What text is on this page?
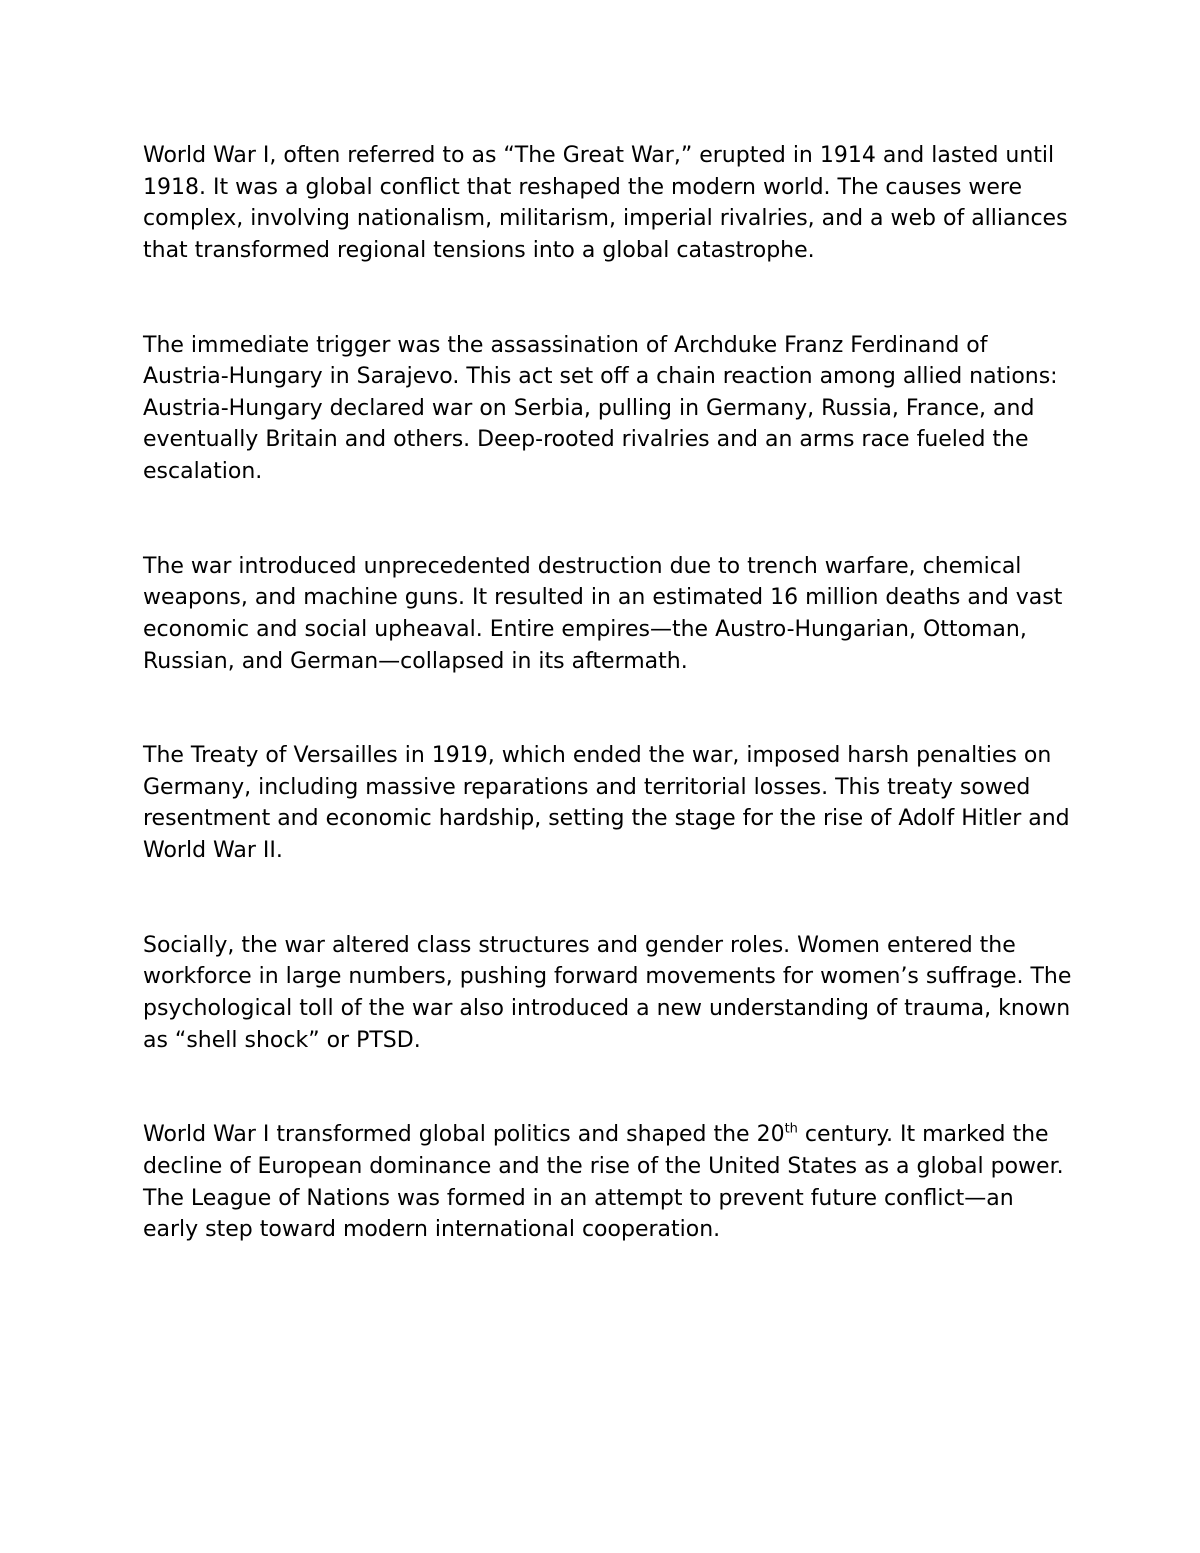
World War I, often referred to as “The Great War,” erupted in 1914 and lasted until 1918. It was a global conflict that reshaped the modern world. The causes were complex, involving nationalism, militarism, imperial rivalries, and a web of alliances that transformed regional tensions into a global catastrophe.

The immediate trigger was the assassination of Archduke Franz Ferdinand of Austria-Hungary in Sarajevo. This act set off a chain reaction among allied nations: Austria-Hungary declared war on Serbia, pulling in Germany, Russia, France, and eventually Britain and others. Deep-rooted rivalries and an arms race fueled the escalation.

The war introduced unprecedented destruction due to trench warfare, chemical weapons, and machine guns. It resulted in an estimated 16 million deaths and vast economic and social upheaval. Entire empires—the Austro-Hungarian, Ottoman, Russian, and German—collapsed in its aftermath.

The Treaty of Versailles in 1919, which ended the war, imposed harsh penalties on Germany, including massive reparations and territorial losses. This treaty sowed resentment and economic hardship, setting the stage for the rise of Adolf Hitler and World War II.

Socially, the war altered class structures and gender roles. Women entered the workforce in large numbers, pushing forward movements for women’s suffrage. The psychological toll of the war also introduced a new understanding of trauma, known as “shell shock” or PTSD.

World War I transformed global politics and shaped the 20th century. It marked the decline of European dominance and the rise of the United States as a global power. The League of Nations was formed in an attempt to prevent future conflict—an early step toward modern international cooperation.
